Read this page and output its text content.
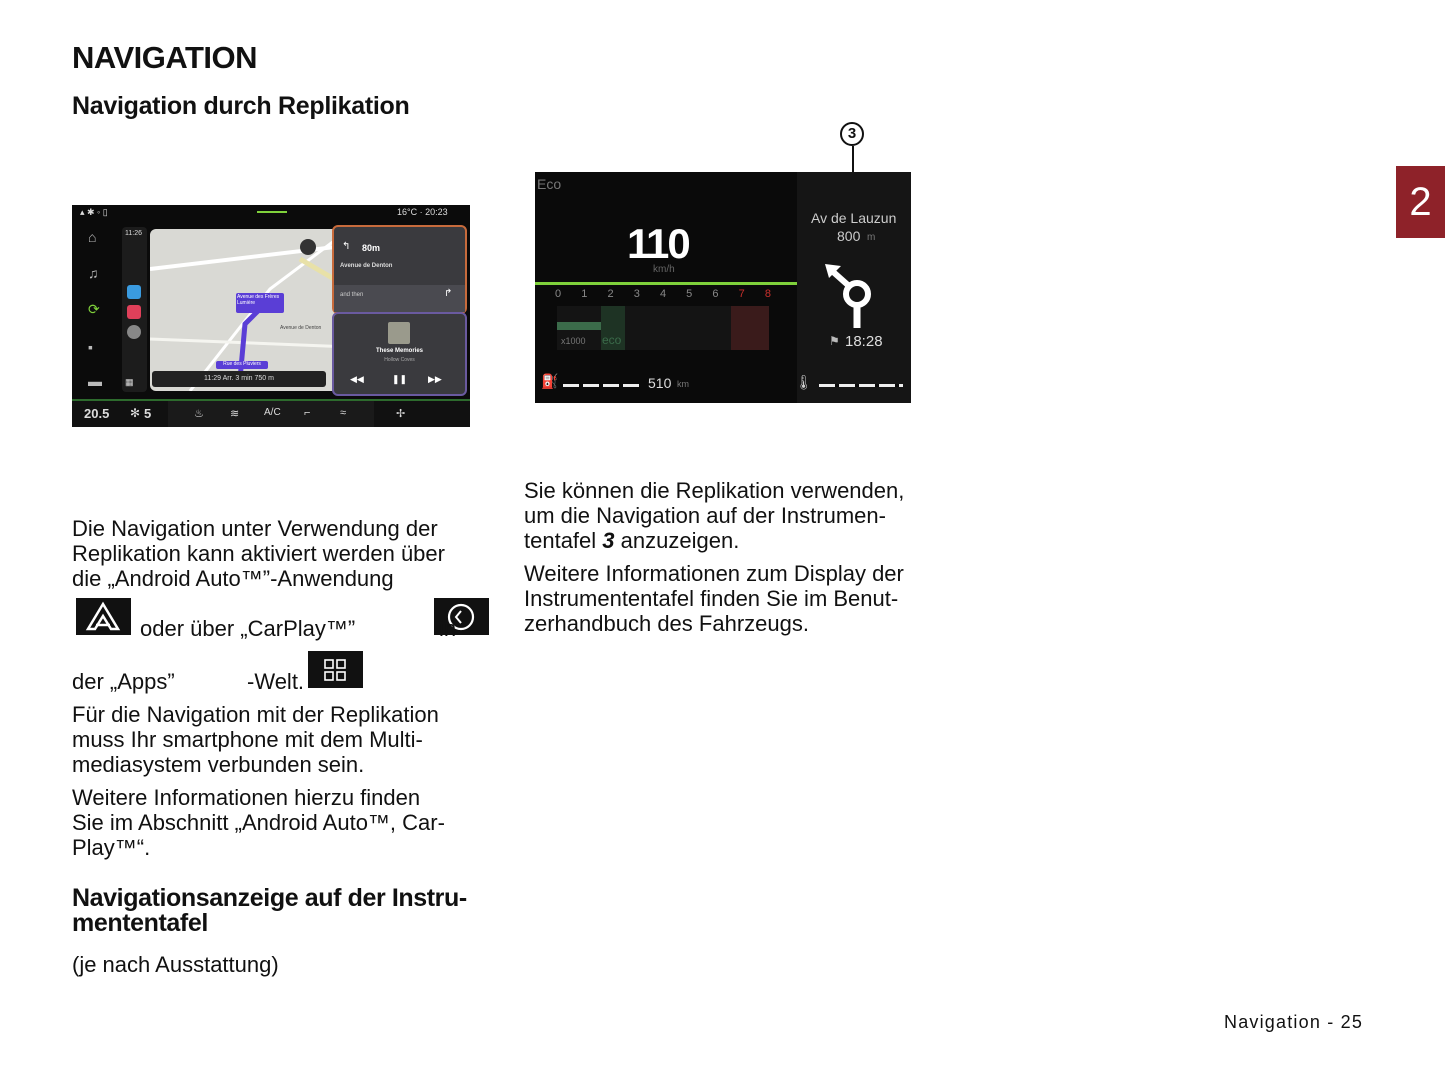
NAVIGATION
Navigation durch Replikation
2
▴ ✱ ◦ ▯	16°C · 20:23
⌂
♫
⟳
▪
▬
11:26
▦
Avenue des Frères Lumière
Rue des Pluviers
Avenue de Denton
11:29 Arr. 3 min 750 m
↰ 80m
Avenue de Denton
and then	↱
These Memories
Hollow Coves
◀◀	❚❚ ▶▶
20.5 ✻ 5	♨ ≋ A/C ⌐	≈	✢
3
Eco
110
km/h
Av de Lauzun
800 m
⚑ 18:28
0 1 2 3 4 5 6 7 8
x1000 eco
⛽	510 km	🌡

Die Navigation unter Verwendung der
Replikation kann aktiviert werden über
die „Android Auto™”-Anwendung

oder über „CarPlay™”
	in
der „Apps”	-Welt.

Für die Navigation mit der Replikation
muss Ihr smartphone mit dem Multi-
mediasystem verbunden sein.

Weitere Informationen hierzu finden
Sie im Abschnitt „Android Auto™, Car-
Play™“.

Navigationsanzeige auf der Instru-
mententafel

(je nach Ausstattung)

Sie können die Replikation verwenden,
um die Navigation auf der Instrumen-
tentafel 3 anzuzeigen.

Weitere Informationen zum Display der
Instrumententafel finden Sie im Benut-
zerhandbuch des Fahrzeugs.

Navigation - 25
